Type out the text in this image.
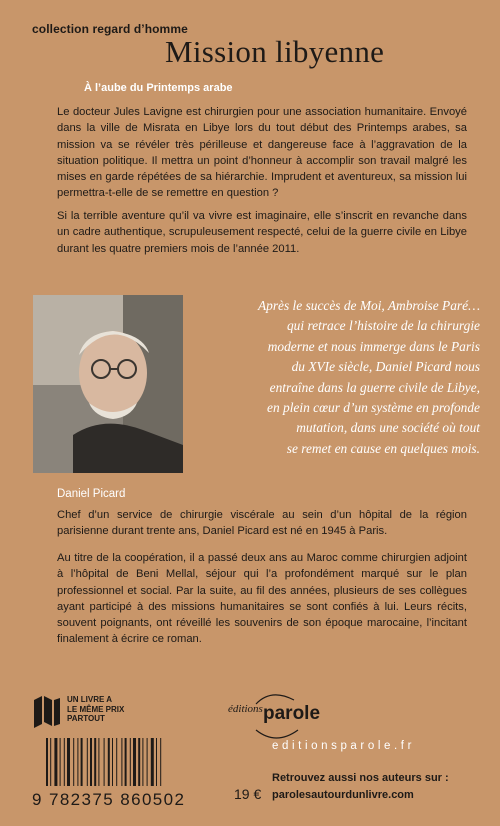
collection regard d’homme
Mission libyenne
À l’aube du Printemps arabe
Le docteur Jules Lavigne est chirurgien pour une association humanitaire. Envoyé dans la ville de Misrata en Libye lors du tout début des Printemps arabes, sa mission va se révéler très périlleuse et dangereuse face à l’aggravation de la situation politique. Il mettra un point d’honneur à accomplir son travail malgré les mises en garde répétées de sa hiérarchie. Imprudent et aventureux, sa mission lui permettra-t-elle de se remettre en question ?
Si la terrible aventure qu’il va vivre est imaginaire, elle s’inscrit en revanche dans un cadre authentique, scrupuleusement respecté, celui de la guerre civile en Libye durant les quatre premiers mois de l’année 2011.
Après le succès de Moi, Ambroise Paré…
qui retrace l’histoire de la chirurgie
moderne et nous immerge dans le Paris
du XVIe siècle, Daniel Picard nous
entraîne dans la guerre civile de Libye,
en plein cœur d’un système en profonde
mutation, dans une société où tout
se remet en cause en quelques mois.
Daniel Picard
Chef d’un service de chirurgie viscérale au sein d’un hôpital de la région parisienne durant trente ans, Daniel Picard est né en 1945 à Paris.
Au titre de la coopération, il a passé deux ans au Maroc comme chirurgien adjoint à l’hôpital de Beni Mellal, séjour qui l’a profondément marqué sur le plan professionnel et social. Par la suite, au fil des années, plusieurs de ses collègues ayant participé à des missions humanitaires se sont confiés à lui. Leurs récits, souvent poignants, ont réveillé les souvenirs de son époque marocaine, l’incitant finalement à écrire ce roman.
UN LIVRE A
LE MÊME PRIX
PARTOUT
9 782375 860502	19 €
éditions parole
editionsparole.fr
Retrouvez aussi nos auteurs sur :
parolesautourdunlivre.com
